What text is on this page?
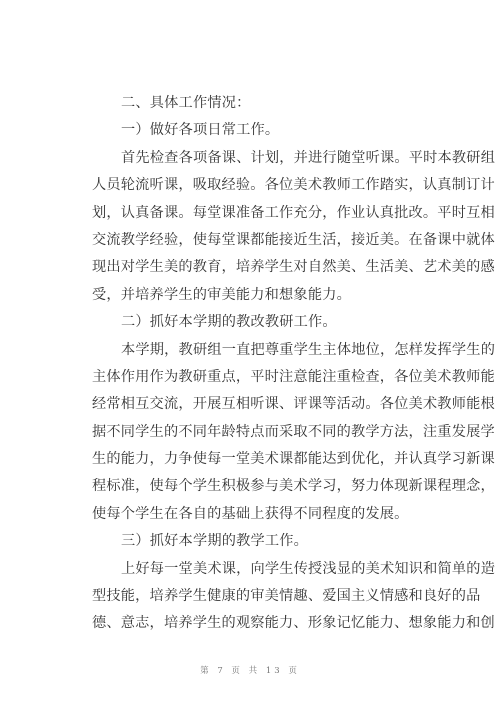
二、具体工作情况：
一）做好各项日常工作。
首先检查各项备课、计划，并进行随堂听课。平时本教研组
人员轮流听课，吸取经验。各位美术教师工作踏实，认真制订计
划，认真备课。每堂课准备工作充分，作业认真批改。平时互相
交流教学经验，使每堂课都能接近生活，接近美。在备课中就体
现出对学生美的教育，培养学生对自然美、生活美、艺术美的感
受，并培养学生的审美能力和想象能力。
二）抓好本学期的教改教研工作。
本学期，教研组一直把尊重学生主体地位，怎样发挥学生的
主体作用作为教研重点，平时注意能注重检查，各位美术教师能
经常相互交流，开展互相听课、评课等活动。各位美术教师能根
据不同学生的不同年龄特点而采取不同的教学方法，注重发展学
生的能力，力争使每一堂美术课都能达到优化，并认真学习新课
程标准，使每个学生积极参与美术学习，努力体现新课程理念，
使每个学生在各自的基础上获得不同程度的发展。
三）抓好本学期的教学工作。
上好每一堂美术课，向学生传授浅显的美术知识和简单的造
型技能，培养学生健康的审美情趣、爱国主义情感和良好的品
德、意志，培养学生的观察能力、形象记忆能力、想象能力和创
第 7 页 共 13 页
